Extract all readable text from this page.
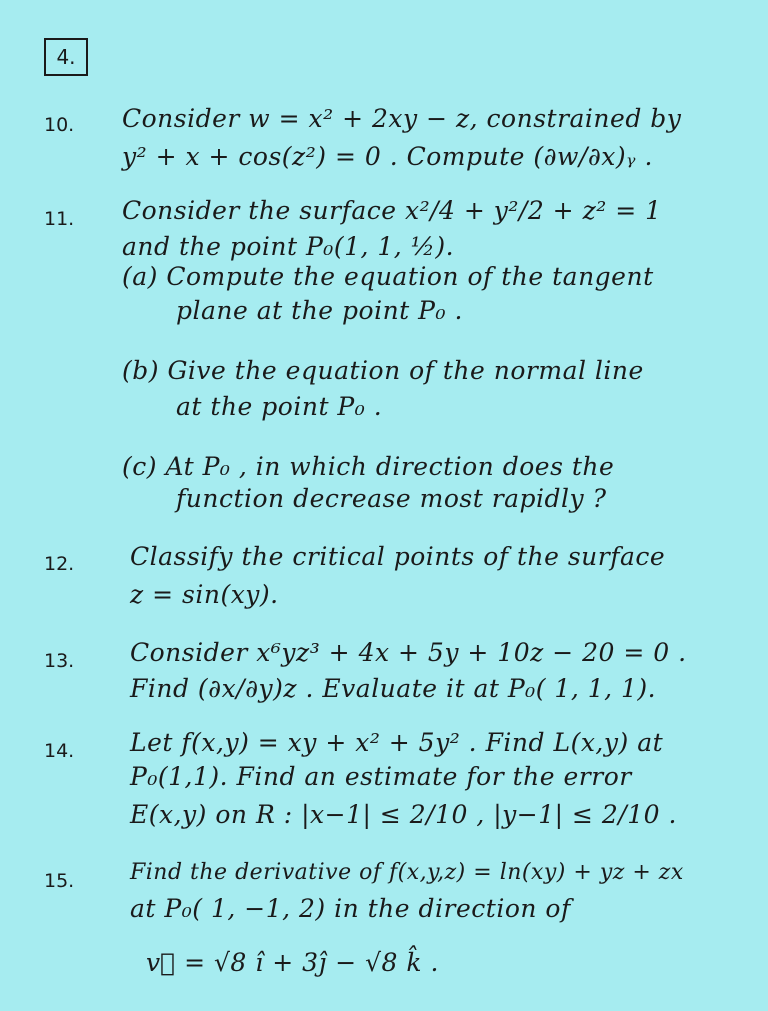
4.
10. Consider w = x² + 2xy − z, constrained by
y² + x + cos(z²) = 0 . Compute (∂w/∂x)ᵧ .
11. Consider the surface x²/4 + y²/2 + z² = 1
and the point P₀(1, 1, ½).
(a) Compute the equation of the tangent
plane at the point P₀ .
(b) Give the equation of the normal line
at the point P₀ .
(c) At P₀ , in which direction does the
function decrease most rapidly ?
12. Classify the critical points of the surface
z = sin(xy).
13. Consider x⁶yz³ + 4x + 5y + 10z − 20 = 0 .
Find (∂x/∂y)z . Evaluate it at P₀( 1, 1, 1).
14. Let f(x,y) = xy + x² + 5y² . Find L(x,y) at
P₀(1,1). Find an estimate for the error
E(x,y) on R : |x−1| ≤ 2/10 , |y−1| ≤ 2/10 .
15.	Find the derivative of f(x,y,z) = ln(xy) + yz + zx
at P₀( 1, −1, 2) in the direction of
v⃗ = √8 î + 3ĵ − √8 k̂ .
